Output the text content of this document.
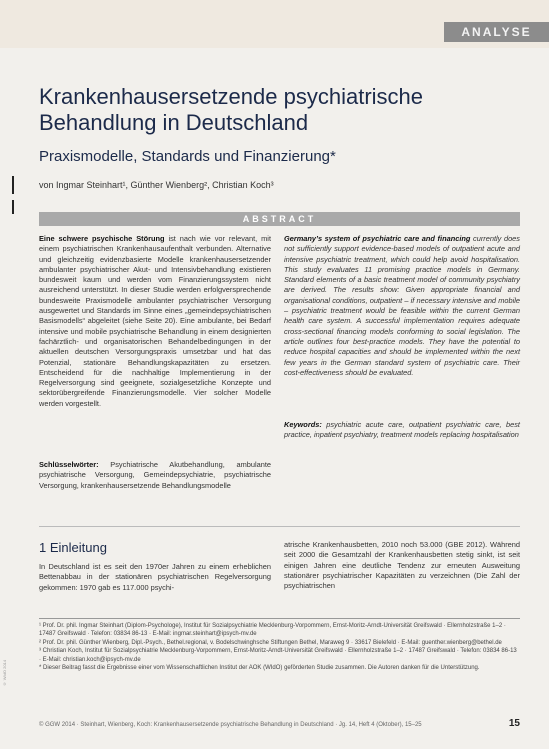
ANALYSE
Krankenhausersetzende psychiatrische Behandlung in Deutschland
Praxismodelle, Standards und Finanzierung*
von Ingmar Steinhart¹, Günther Wienberg², Christian Koch³
ABSTRACT
Eine schwere psychische Störung ist nach wie vor relevant, mit einem psychiatrischen Krankenhausaufenthalt verbunden. Alternative und gleichzeitig evidenzbasierte Modelle krankenhausersetzender ambulanter psychiatrischer Akut- und Intensivbehandlung existieren bundesweit kaum und werden vom Finanzierungssystem nicht ausreichend unterstützt. In dieser Studie werden erfolgversprechende bundesweite Praxismodelle ambulanter psychiatrischer Versorgung ausgewertet und Standards im Sinne eines „gemeindepsychiatrischen Basismodells“ abgeleitet (siehe Seite 20). Eine ambulante, bei Bedarf intensive und mobile psychiatrische Behandlung in einem designierten fachärztlich- und organisatorischen Behandelbedingungen in der aktuellen deutschen Versorgungspraxis umsetzbar und hat das Potenzial, stationäre Behandlungskapazitäten zu ersetzen. Entscheidend für die nachhaltige Implementierung in der Regelversorgung sind geeignete, sozialgesetzliche Konzepte und sektorübergreifende Finanzierungsmodelle. Vier solcher Modelle werden vorgestellt.
Germany’s system of psychiatric care and financing currently does not sufficiently support evidence-based models of outpatient acute and intensive psychiatric treatment, which could help avoid hospitalisation. This study evaluates 11 promising practice models in Germany. Standard elements of a basic treatment model of community psychiatry are derived. The results show: Given appropriate financial and organisational conditions, outpatient – if necessary intensive and mobile – psychiatric treatment would be feasible within the current German health care system. A successful implementation requires adequate cross-sectional financing models conforming to social legislation. The article outlines four best-practice models. They have the potential to reduce hospital capacities and should be implemented within the next few years in the German standard system of psychiatric care. Their cost-effectiveness should be evaluated.
Schlüsselwörter: Psychiatrische Akutbehandlung, ambulante psychiatrische Versorgung, Gemeindepsychiatrie, psychiatrische Versorgung, krankenhausersetzende Behandlungsmodelle
Keywords: psychiatric acute care, outpatient psychiatric care, best practice, inpatient psychiatry, treatment models replacing hospitalisation
1 Einleitung
In Deutschland ist es seit den 1970er Jahren zu einem erheblichen Bettenabbau in der stationären psychiatrischen Regelversorgung gekommen: 1970 gab es 117.000 psychi-
atrische Krankenhausbetten, 2010 noch 53.000 (GBE 2012). Während seit 2000 die Gesamtzahl der Krankenhausbetten stetig sinkt, ist seit einigen Jahren eine deutliche Tendenz zur erneuten Ausweitung stationärer psychiatrischer Kapazitäten zu verzeichnen (Die Zahl der psychiatrischen
¹ Prof. Dr. phil. Ingmar Steinhart (Diplom-Psychologe), Institut für Sozialpsychiatrie Mecklenburg-Vorpommern, Ernst-Moritz-Arndt-Universität Greifswald · Ellernholzstraße 1–2 · 17487 Greifswald · Telefon: 03834 86-13 · E-Mail: ingmar.steinhart@ipsych-mv.de
² Prof. Dr. phil. Günther Wienberg, Dipl.-Psych., Bethel.regional, v. Bodelschwinghsche Stiftungen Bethel, Maraweg 9 · 33617 Bielefeld · E-Mail: guenther.wienberg@bethel.de
³ Christian Koch, Institut für Sozialpsychiatrie Mecklenburg-Vorpommern, Ernst-Moritz-Arndt-Universität Greifswald · Ellernholzstraße 1–2 · 17487 Greifswald · Telefon: 03834 86-13 · E-Mail: christian.koch@ipsych-mv.de
* Dieser Beitrag fasst die Ergebnisse einer vom Wissenschaftlichen Institut der AOK (WIdO) geförderten Studie zusammen. Die Autoren danken für die Unterstützung.
© WIdO 2014
© GGW 2014 · Steinhart, Wienberg, Koch: Krankenhausersetzende psychiatrische Behandlung in Deutschland · Jg. 14, Heft 4 (Oktober), 15–25	15
